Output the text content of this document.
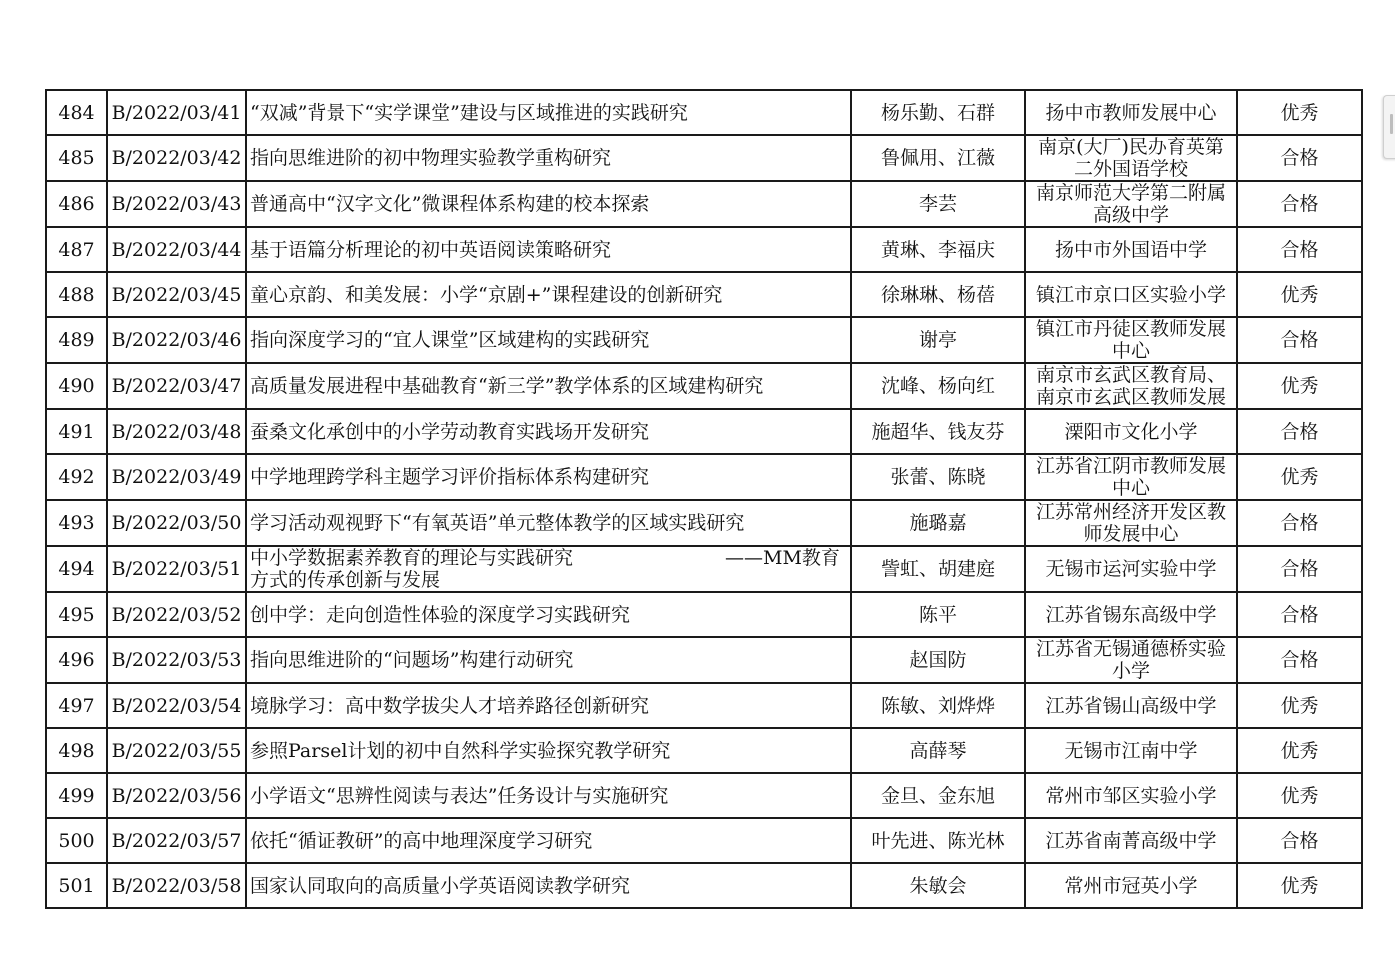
484	B/2022/03/41	“双减”背景下“实学课堂”建设与区域推进的实践研究	杨乐勤、石群	扬中市教师发展中心	优秀
485	B/2022/03/42	指向思维进阶的初中物理实验教学重构研究	鲁佩用、江薇	南京(大厂)民办育英第二外国语学校	合格
486	B/2022/03/43	普通高中“汉字文化”微课程体系构建的校本探索	李芸	南京师范大学第二附属高级中学	合格
487	B/2022/03/44	基于语篇分析理论的初中英语阅读策略研究	黄琳、李福庆	扬中市外国语中学	合格
488	B/2022/03/45	童心京韵、和美发展：小学“京剧+”课程建设的创新研究	徐琳琳、杨蓓	镇江市京口区实验小学	优秀
489	B/2022/03/46	指向深度学习的“宜人课堂”区域建构的实践研究	谢亭	镇江市丹徒区教师发展中心	合格
490	B/2022/03/47	高质量发展进程中基础教育“新三学”教学体系的区域建构研究	沈峰、杨向红	南京市玄武区教育局、南京市玄武区教师发展	优秀
491	B/2022/03/48	蚕桑文化承创中的小学劳动教育实践场开发研究	施超华、钱友芬	溧阳市文化小学	合格
492	B/2022/03/49	中学地理跨学科主题学习评价指标体系构建研究	张蕾、陈晓	江苏省江阴市教师发展中心	优秀
493	B/2022/03/50	学习活动观视野下“有氧英语”单元整体教学的区域实践研究	施璐嘉	江苏常州经济开发区教师发展中心	合格
494	B/2022/03/51	中小学数据素养教育的理论与实践研究　　　　　　　　——MM教育方式的传承创新与发展	訾虹、胡建庭	无锡市运河实验中学	合格
495	B/2022/03/52	创中学：走向创造性体验的深度学习实践研究	陈平	江苏省锡东高级中学	合格
496	B/2022/03/53	指向思维进阶的“问题场”构建行动研究	赵国防	江苏省无锡通德桥实验小学	合格
497	B/2022/03/54	境脉学习：高中数学拔尖人才培养路径创新研究	陈敏、刘烨烨	江苏省锡山高级中学	优秀
498	B/2022/03/55	参照Parsel计划的初中自然科学实验探究教学研究	高薛琴	无锡市江南中学	优秀
499	B/2022/03/56	小学语文“思辨性阅读与表达”任务设计与实施研究	金旦、金东旭	常州市邹区实验小学	优秀
500	B/2022/03/57	依托“循证教研”的高中地理深度学习研究	叶先进、陈光林	江苏省南菁高级中学	合格
501	B/2022/03/58	国家认同取向的高质量小学英语阅读教学研究	朱敏会	常州市冠英小学	优秀
